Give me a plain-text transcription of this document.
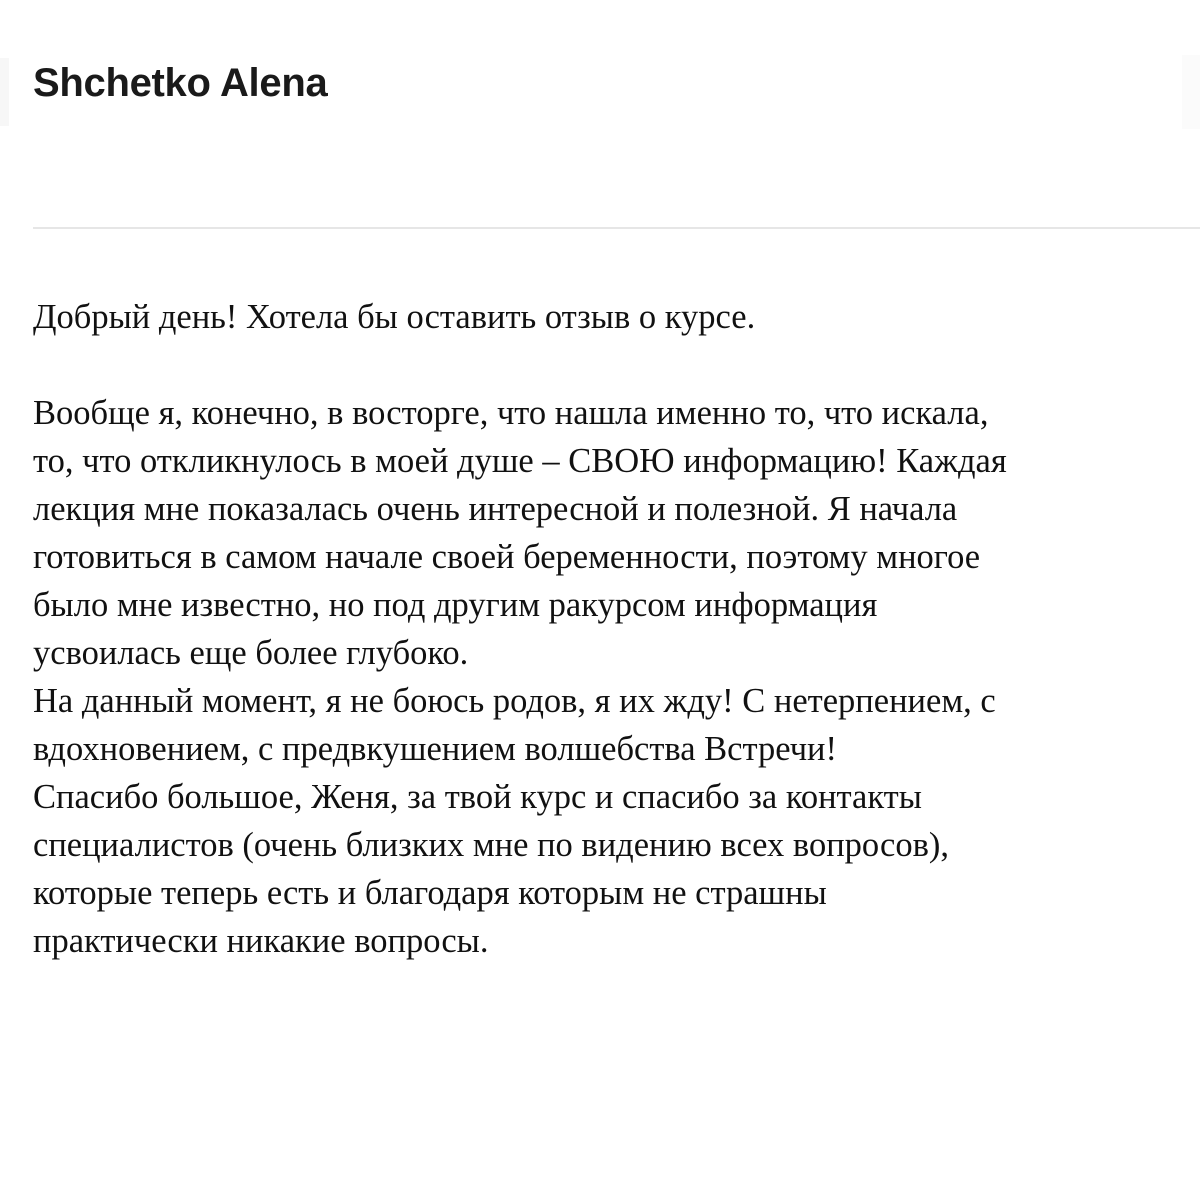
Shchetko Alena

Добрый день! Хотела бы оставить отзыв о курсе.

Вообще я, конечно, в восторге, что нашла именно то, что искала,

то, что откликнулось в моей душе – СВОЮ информацию! Каждая

лекция мне показалась очень интересной и полезной. Я начала

готовиться в самом начале своей беременности, поэтому многое

было мне известно, но под другим ракурсом информация

усвоилась еще более глубоко.

На данный момент, я не боюсь родов, я их жду! С нетерпением, с

вдохновением, с предвкушением волшебства Встречи!

Спасибо большое, Женя, за твой курс и спасибо за контакты

специалистов (очень близких мне по видению всех вопросов),

которые теперь есть и благодаря которым не страшны

практически никакие вопросы.
